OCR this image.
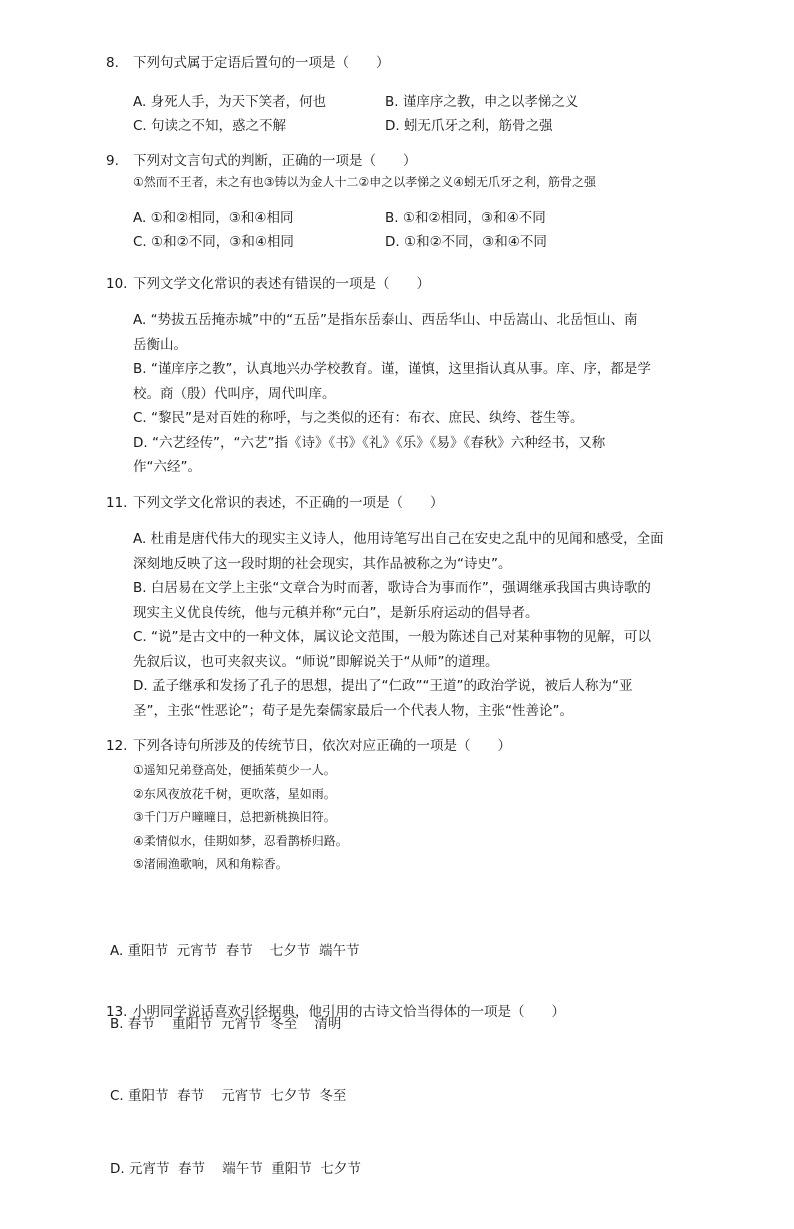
8.	下列句式属于定语后置句的一项是（　　）
A. 身死人手，为天下笑者，何也	B. 谨庠序之教，申之以孝悌之义
C. 句读之不知，惑之不解	D. 蚓无爪牙之利，筋骨之强
9.	下列对文言句式的判断，正确的一项是（　　）
①然而不王者，未之有也③铸以为金人十二②申之以孝悌之义④蚓无爪牙之利，筋骨之强
A. ①和②相同，③和④相同	B. ①和②相同，③和④不同
C. ①和②不同，③和④相同	D. ①和②不同，③和④不同
10. 下列文学文化常识的表述有错误的一项是（　　）
A. “势拔五岳掩赤城”中的“五岳”是指东岳泰山、西岳华山、中岳嵩山、北岳恒山、南
岳衡山。
B. “谨庠序之教”，认真地兴办学校教育。谨，谨慎，这里指认真从事。庠、序，都是学
校。商（殷）代叫序，周代叫庠。
C. “黎民”是对百姓的称呼，与之类似的还有：布衣、庶民、纨绔、苍生等。
D. “六艺经传”，“六艺”指《诗》《书》《礼》《乐》《易》《春秋》六种经书，又称
作“六经”。
11. 下列文学文化常识的表述，不正确的一项是（　　）
A. 杜甫是唐代伟大的现实主义诗人，他用诗笔写出自己在安史之乱中的见闻和感受，全面
深刻地反映了这一段时期的社会现实，其作品被称之为“诗史”。
B. 白居易在文学上主张“文章合为时而著，歌诗合为事而作”，强调继承我国古典诗歌的
现实主义优良传统，他与元稹并称“元白”，是新乐府运动的倡导者。
C. “说”是古文中的一种文体，属议论文范围，一般为陈述自己对某种事物的见解，可以
先叙后议，也可夹叙夹议。“师说”即解说关于“从师”的道理。
D. 孟子继承和发扬了孔子的思想，提出了“仁政”“王道”的政治学说，被后人称为“亚
圣”，主张“性恶论”；荀子是先秦儒家最后一个代表人物，主张“性善论”。
12. 下列各诗句所涉及的传统节日，依次对应正确的一项是（　　）
①遥知兄弟登高处，便插茱萸少一人。
②东风夜放花千树，更吹落，星如雨。
③千门万户曈曈日，总把新桃换旧符。
④柔情似水，佳期如梦，忍看鹊桥归路。
⑤渚闹渔歌响，风和角粽香。

A. 重阳节  元宵节  春节    七夕节  端午节

B. 春节    重阳节  元宵节  冬至    清明

C. 重阳节  春节    元宵节  七夕节  冬至

D. 元宵节  春节    端午节  重阳节  七夕节

13. 小明同学说话喜欢引经据典，他引用的古诗文恰当得体的一项是（　　）
